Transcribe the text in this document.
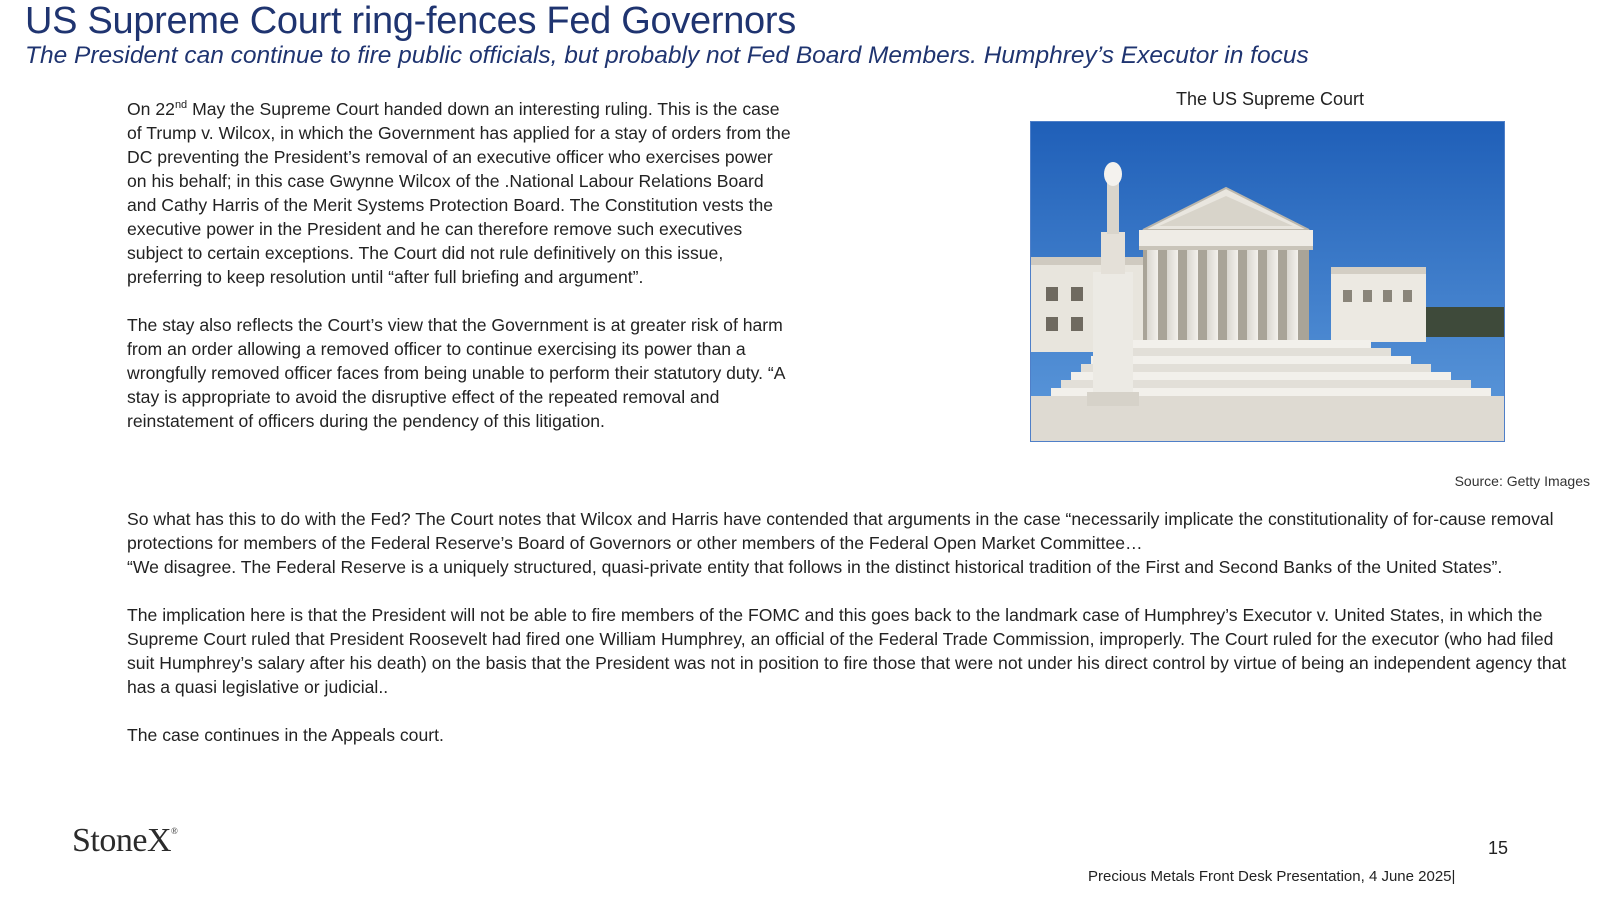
US Supreme Court ring-fences Fed Governors
The President can continue to fire public officials, but probably not Fed Board Members. Humphrey’s Executor in focus

On 22nd May the Supreme Court handed down an interesting ruling. This is the case of Trump v. Wilcox, in which the Government has applied for a stay of orders from the DC preventing the President’s removal of an executive officer who exercises power on his behalf; in this case Gwynne Wilcox of the .National Labour Relations Board and Cathy Harris of the Merit Systems Protection Board. The Constitution vests the executive power in the President and he can therefore remove such executives subject to certain exceptions. The Court did not rule definitively on this issue, preferring to keep resolution until “after full briefing and argument”.

The stay also reflects the Court’s view that the Government is at greater risk of harm from an order allowing a removed officer to continue exercising its power than a wrongfully removed officer faces from being unable to perform their statutory duty. “A stay is appropriate to avoid the disruptive effect of the repeated removal and reinstatement of officers during the pendency of this litigation.

The US Supreme Court
Source: Getty Images

So what has this to do with the Fed? The Court notes that Wilcox and Harris have contended that arguments in the case “necessarily implicate the constitutionality of for-cause removal protections for members of the Federal Reserve’s Board of Governors or other members of the Federal Open Market Committee…

“We disagree. The Federal Reserve is a uniquely structured, quasi-private entity that follows in the distinct historical tradition of the First and Second Banks of the United States”.

The implication here is that the President will not be able to fire members of the FOMC and this goes back to the landmark case of Humphrey’s Executor v. United States, in which the Supreme Court ruled that President Roosevelt had fired one William Humphrey, an official of the Federal Trade Commission, improperly. The Court ruled for the executor (who had filed suit Humphrey’s salary after his death) on the basis that the President was not in position to fire those that were not under his direct control by virtue of being an independent agency that has a quasi legislative or judicial..

The case continues in the Appeals court.

StoneX®
15
Precious Metals Front Desk Presentation, 4 June 2025|
